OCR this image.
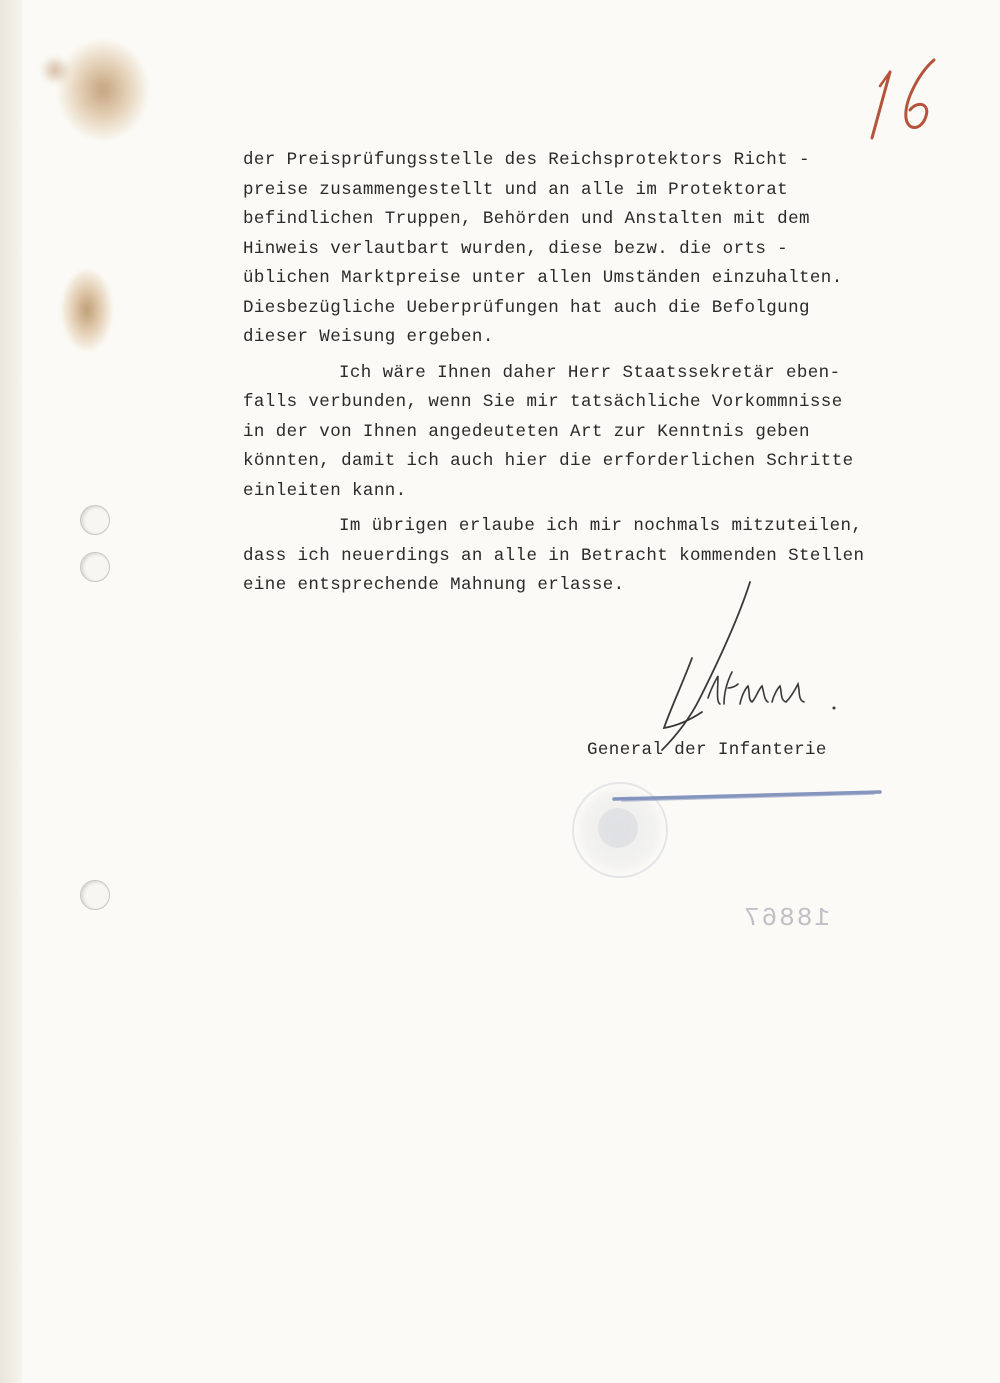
der Preisprüfungsstelle des Reichsprotektors Richt -
preise zusammengestellt und an alle im Protektorat
befindlichen Truppen, Behörden und Anstalten mit dem
Hinweis verlautbart wurden, diese bezw. die orts -
üblichen Marktpreise unter allen Umständen einzuhalten.
Diesbezügliche Ueberprüfungen hat auch die Befolgung
dieser Weisung ergeben.

Ich wäre Ihnen daher Herr Staatssekretär eben-
falls verbunden, wenn Sie mir tatsächliche Vorkommnisse
in der von Ihnen angedeuteten Art zur Kenntnis geben
könnten, damit ich auch hier die erforderlichen Schritte
einleiten kann.

Im übrigen erlaube ich mir nochmals mitzuteilen,
dass ich neuerdings an alle in Betracht kommenden Stellen
eine entsprechende Mahnung erlasse.

General der Infanterie
18867
